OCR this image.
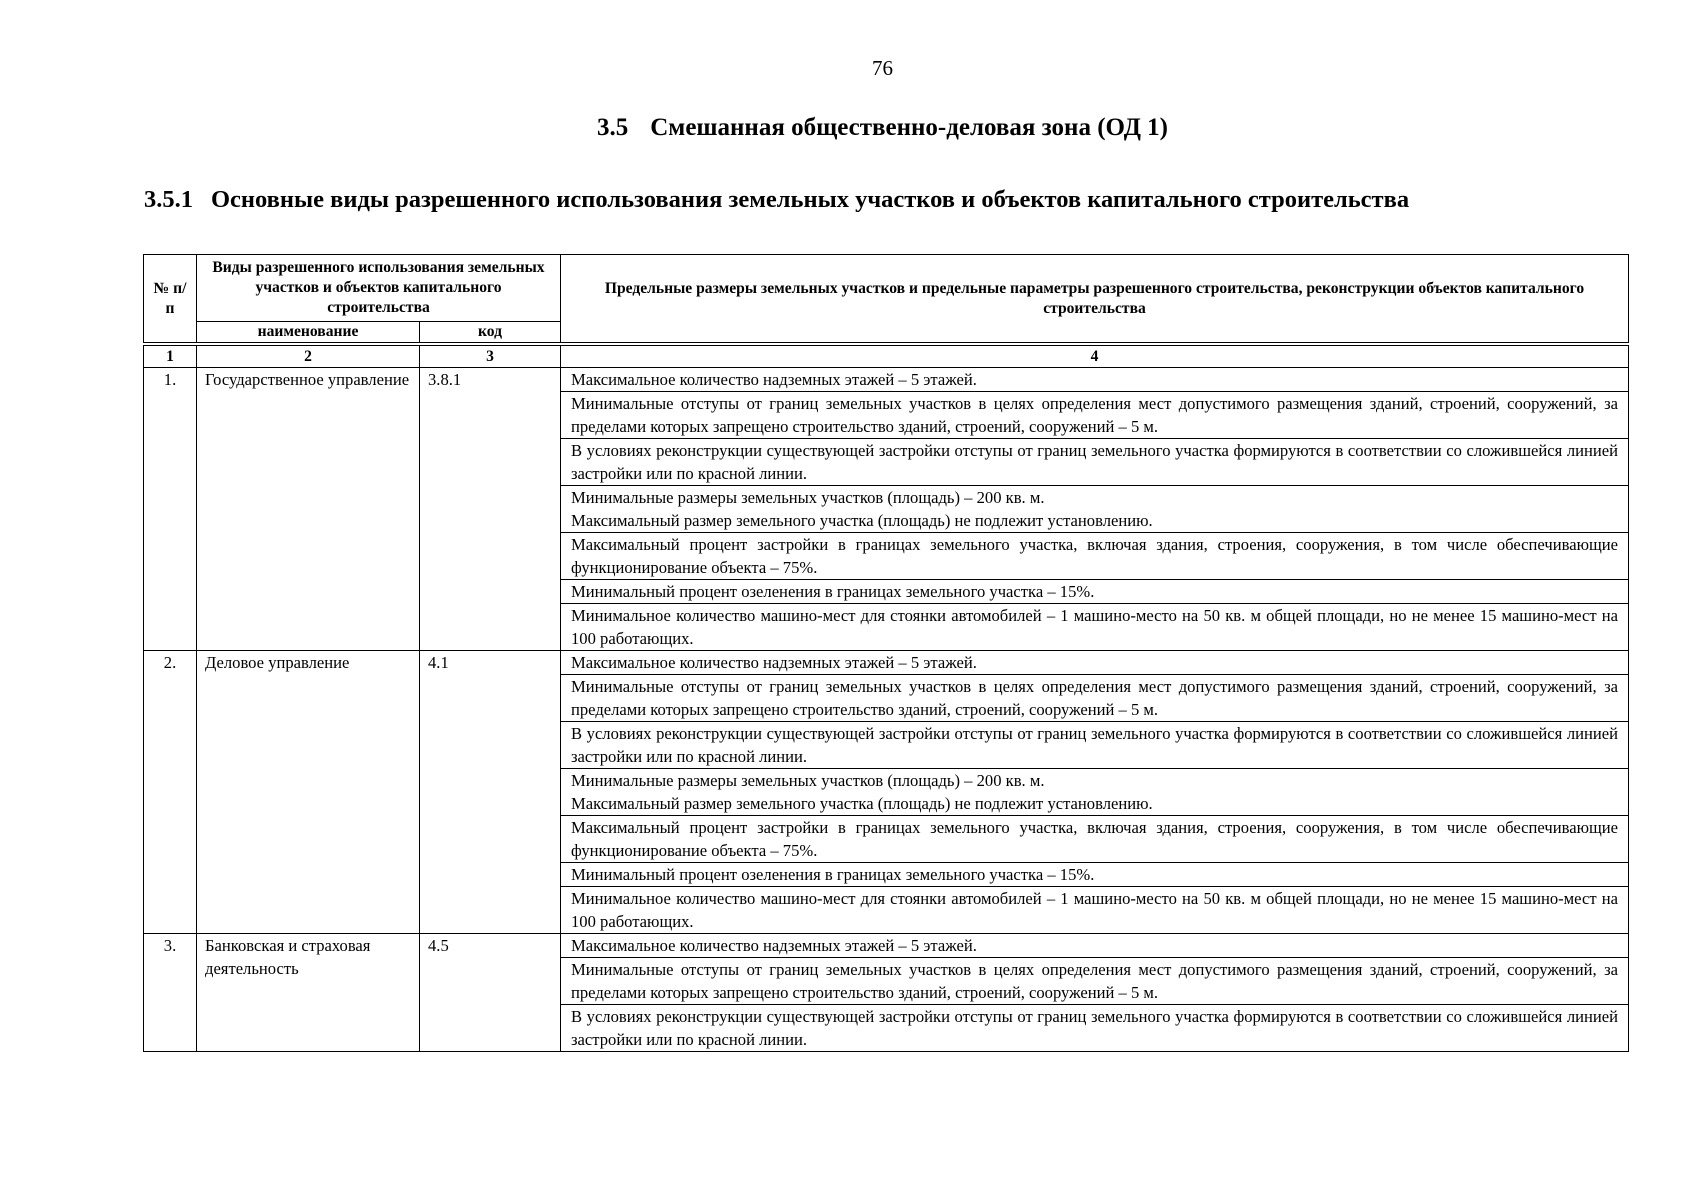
76
3.5 Смешанная общественно-деловая зона (ОД 1)
3.5.1 Основные виды разрешенного использования земельных участков и объектов капитального строительства
№ п/п	Виды разрешенного использования земельных участков и объектов капитального строительства		Предельные размеры земельных участков и предельные параметры разрешенного строительства, реконструкции объектов капитального строительства
	наименование	код	

1	2	3	4
1.	Государственное управление	3.8.1	Максимальное количество надземных этажей – 5 этажей.

			Минимальные отступы от границ земельных участков в целях определения мест допустимого размещения зданий, строений, сооружений, за пределами которых запрещено строительство зданий, строений, сооружений – 5 м.

			В условиях реконструкции существующей застройки отступы от границ земельного участка формируются в соответствии со сложившейся линией застройки или по красной линии.

			Минимальные размеры земельных участков (площадь) – 200 кв. м.
Максимальный размер земельного участка (площадь) не подлежит установлению.

			Максимальный процент застройки в границах земельного участка, включая здания, строения, сооружения, в том числе обеспечивающие функционирование объекта – 75%.

			Минимальный процент озеленения в границах земельного участка – 15%.

			Минимальное количество машино-мест для стоянки автомобилей – 1 машино-место на 50 кв. м общей площади, но не менее 15 машино-мест на 100 работающих.

2.	Деловое управление	4.1	Максимальное количество надземных этажей – 5 этажей.

			Минимальные отступы от границ земельных участков в целях определения мест допустимого размещения зданий, строений, сооружений, за пределами которых запрещено строительство зданий, строений, сооружений – 5 м.

			В условиях реконструкции существующей застройки отступы от границ земельного участка формируются в соответствии со сложившейся линией застройки или по красной линии.

			Минимальные размеры земельных участков (площадь) – 200 кв. м.
Максимальный размер земельного участка (площадь) не подлежит установлению.

			Максимальный процент застройки в границах земельного участка, включая здания, строения, сооружения, в том числе обеспечивающие функционирование объекта – 75%.

			Минимальный процент озеленения в границах земельного участка – 15%.

			Минимальное количество машино-мест для стоянки автомобилей – 1 машино-место на 50 кв. м общей площади, но не менее 15 машино-мест на 100 работающих.

3.	Банковская и страховая деятельность	4.5	Максимальное количество надземных этажей – 5 этажей.

			Минимальные отступы от границ земельных участков в целях определения мест допустимого размещения зданий, строений, сооружений, за пределами которых запрещено строительство зданий, строений, сооружений – 5 м.

			В условиях реконструкции существующей застройки отступы от границ земельного участка формируются в соответствии со сложившейся линией застройки или по красной линии.
